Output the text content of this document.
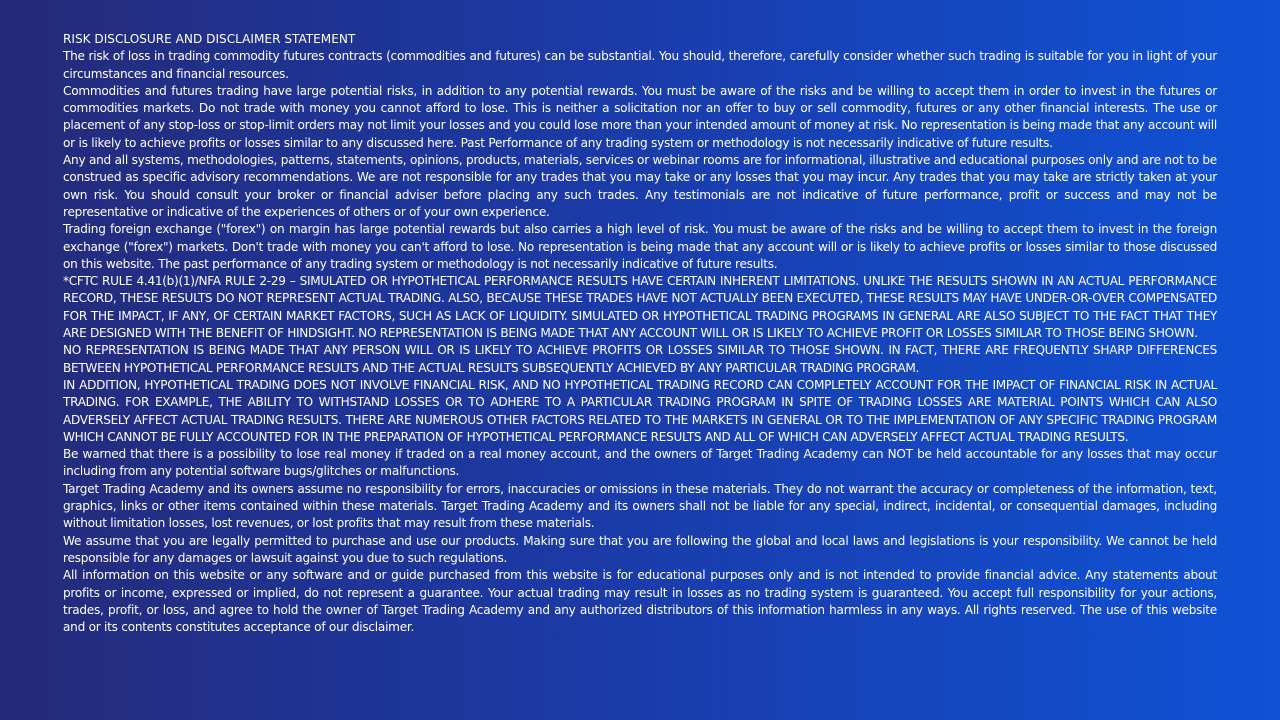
RISK DISCLOSURE AND DISCLAIMER STATEMENT

The risk of loss in trading commodity futures contracts (commodities and futures) can be substantial. You should, therefore, carefully consider whether such trading is suitable for you in light of your circumstances and financial resources.

Commodities and futures trading have large potential risks, in addition to any potential rewards. You must be aware of the risks and be willing to accept them in order to invest in the futures or commodities markets. Do not trade with money you cannot afford to lose. This is neither a solicitation nor an offer to buy or sell commodity, futures or any other financial interests. The use or placement of any stop-loss or stop-limit orders may not limit your losses and you could lose more than your intended amount of money at risk. No representation is being made that any account will or is likely to achieve profits or losses similar to any discussed here. Past Performance of any trading system or methodology is not necessarily indicative of future results.

Any and all systems, methodologies, patterns, statements, opinions, products, materials, services or webinar rooms are for informational, illustrative and educational purposes only and are not to be construed as specific advisory recommendations. We are not responsible for any trades that you may take or any losses that you may incur. Any trades that you may take are strictly taken at your own risk. You should consult your broker or financial adviser before placing any such trades. Any testimonials are not indicative of future performance, profit or success and may not be representative or indicative of the experiences of others or of your own experience.

Trading foreign exchange ("forex") on margin has large potential rewards but also carries a high level of risk. You must be aware of the risks and be willing to accept them to invest in the foreign exchange ("forex") markets. Don't trade with money you can't afford to lose. No representation is being made that any account will or is likely to achieve profits or losses similar to those discussed on this website. The past performance of any trading system or methodology is not necessarily indicative of future results.

*CFTC RULE 4.41(b)(1)/NFA RULE 2-29 – SIMULATED OR HYPOTHETICAL PERFORMANCE RESULTS HAVE CERTAIN INHERENT LIMITATIONS. UNLIKE THE RESULTS SHOWN IN AN ACTUAL PERFORMANCE RECORD, THESE RESULTS DO NOT REPRESENT ACTUAL TRADING. ALSO, BECAUSE THESE TRADES HAVE NOT ACTUALLY BEEN EXECUTED, THESE RESULTS MAY HAVE UNDER-OR-OVER COMPENSATED FOR THE IMPACT, IF ANY, OF CERTAIN MARKET FACTORS, SUCH AS LACK OF LIQUIDITY. SIMULATED OR HYPOTHETICAL TRADING PROGRAMS IN GENERAL ARE ALSO SUBJECT TO THE FACT THAT THEY ARE DESIGNED WITH THE BENEFIT OF HINDSIGHT. NO REPRESENTATION IS BEING MADE THAT ANY ACCOUNT WILL OR IS LIKELY TO ACHIEVE PROFIT OR LOSSES SIMILAR TO THOSE BEING SHOWN.

NO REPRESENTATION IS BEING MADE THAT ANY PERSON WILL OR IS LIKELY TO ACHIEVE PROFITS OR LOSSES SIMILAR TO THOSE SHOWN. IN FACT, THERE ARE FREQUENTLY SHARP DIFFERENCES BETWEEN HYPOTHETICAL PERFORMANCE RESULTS AND THE ACTUAL RESULTS SUBSEQUENTLY ACHIEVED BY ANY PARTICULAR TRADING PROGRAM.

IN ADDITION, HYPOTHETICAL TRADING DOES NOT INVOLVE FINANCIAL RISK, AND NO HYPOTHETICAL TRADING RECORD CAN COMPLETELY ACCOUNT FOR THE IMPACT OF FINANCIAL RISK IN ACTUAL TRADING. FOR EXAMPLE, THE ABILITY TO WITHSTAND LOSSES OR TO ADHERE TO A PARTICULAR TRADING PROGRAM IN SPITE OF TRADING LOSSES ARE MATERIAL POINTS WHICH CAN ALSO ADVERSELY AFFECT ACTUAL TRADING RESULTS. THERE ARE NUMEROUS OTHER FACTORS RELATED TO THE MARKETS IN GENERAL OR TO THE IMPLEMENTATION OF ANY SPECIFIC TRADING PROGRAM WHICH CANNOT BE FULLY ACCOUNTED FOR IN THE PREPARATION OF HYPOTHETICAL PERFORMANCE RESULTS AND ALL OF WHICH CAN ADVERSELY AFFECT ACTUAL TRADING RESULTS.

Be warned that there is a possibility to lose real money if traded on a real money account, and the owners of Target Trading Academy can NOT be held accountable for any losses that may occur including from any potential software bugs/glitches or malfunctions.

Target Trading Academy and its owners assume no responsibility for errors, inaccuracies or omissions in these materials. They do not warrant the accuracy or completeness of the information, text, graphics, links or other items contained within these materials. Target Trading Academy and its owners shall not be liable for any special, indirect, incidental, or consequential damages, including without limitation losses, lost revenues, or lost profits that may result from these materials.

We assume that you are legally permitted to purchase and use our products. Making sure that you are following the global and local laws and legislations is your responsibility. We cannot be held responsible for any damages or lawsuit against you due to such regulations.

All information on this website or any software and or guide purchased from this website is for educational purposes only and is not intended to provide financial advice. Any statements about profits or income, expressed or implied, do not represent a guarantee. Your actual trading may result in losses as no trading system is guaranteed. You accept full responsibility for your actions, trades, profit, or loss, and agree to hold the owner of Target Trading Academy and any authorized distributors of this information harmless in any ways. All rights reserved. The use of this website and or its contents constitutes acceptance of our disclaimer.
